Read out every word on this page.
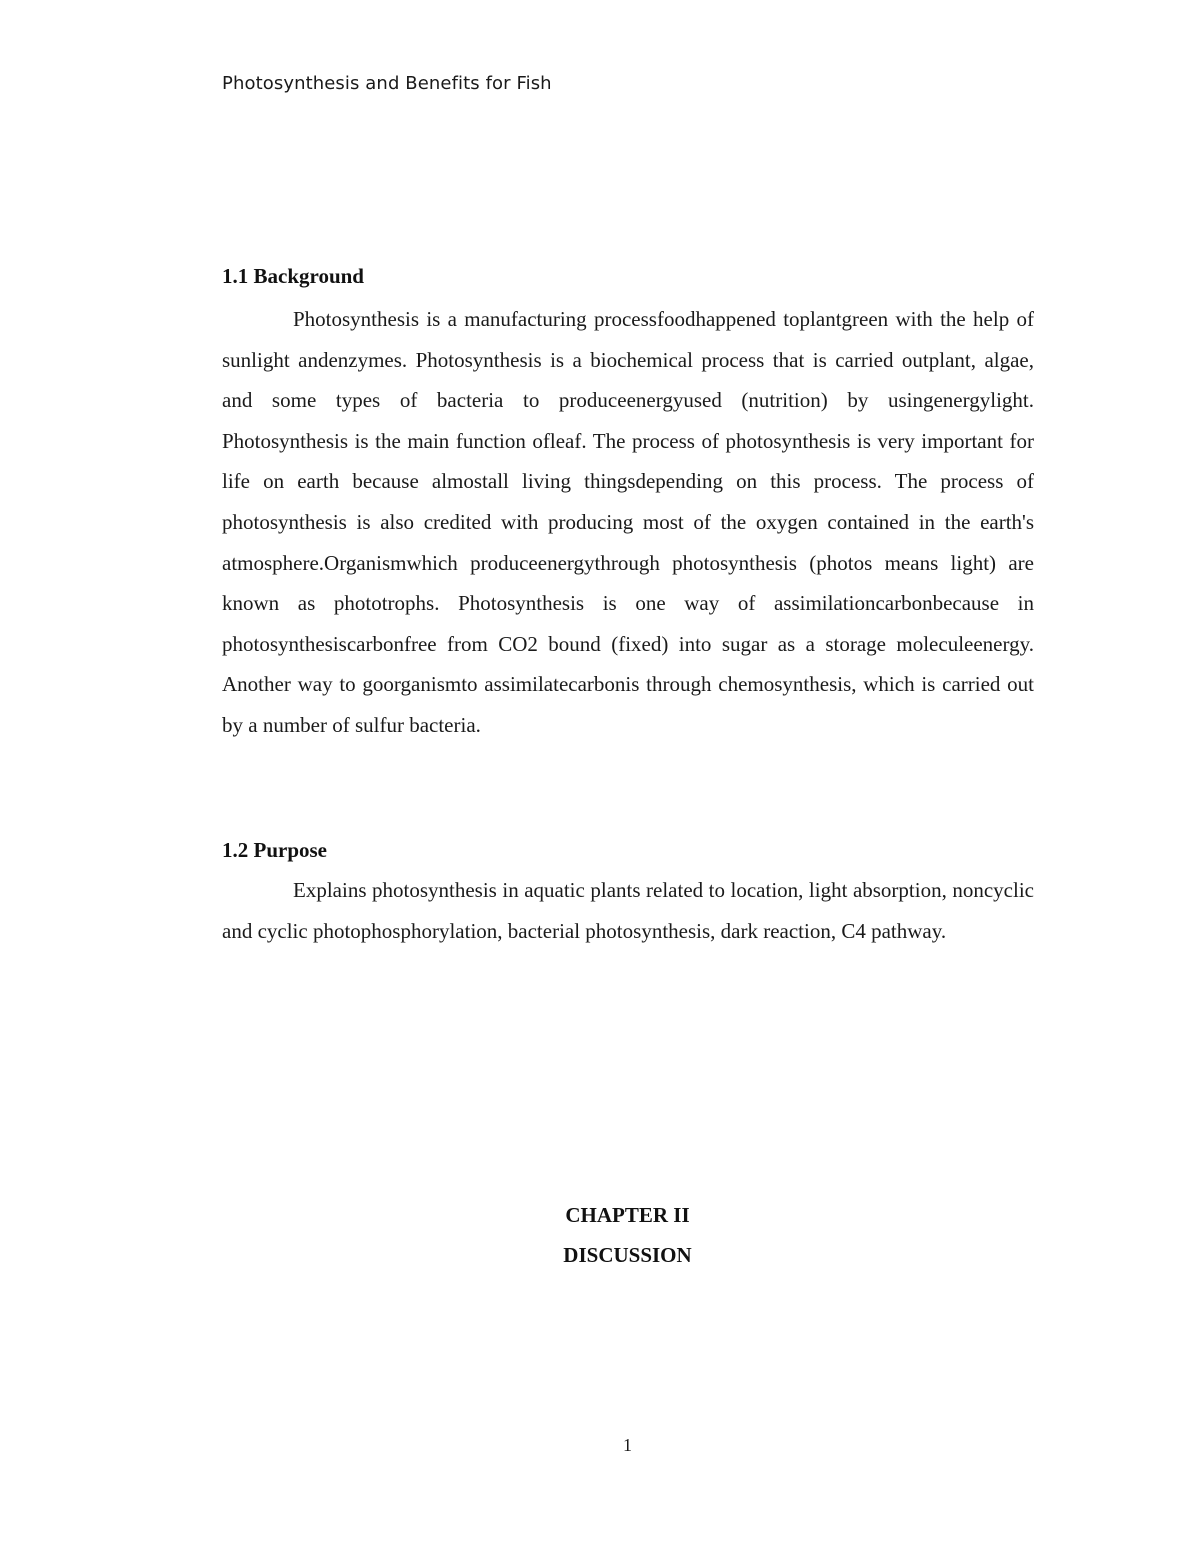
Photosynthesis and Benefits for Fish
1.1 Background

Photosynthesis is a manufacturing processfoodhappened toplantgreen with the help of sunlight andenzymes. Photosynthesis is a biochemical process that is carried outplant, algae, and some types of bacteria to produceenergyused (nutrition) by usingenergylight. Photosynthesis is the main function ofleaf. The process of photosynthesis is very important for life on earth because almostall living thingsdepending on this process. The process of photosynthesis is also credited with producing most of the oxygen contained in the earth's atmosphere.Organismwhich produceenergythrough photosynthesis (photos means light) are known as phototrophs. Photosynthesis is one way of assimilationcarbonbecause in photosynthesiscarbonfree from CO2 bound (fixed) into sugar as a storage moleculeenergy. Another way to goorganismto assimilatecarbonis through chemosynthesis, which is carried out by a number of sulfur bacteria.

1.2 Purpose

Explains photosynthesis in aquatic plants related to location, light absorption, noncyclic and cyclic photophosphorylation, bacterial photosynthesis, dark reaction, C4 pathway.

CHAPTER II
DISCUSSION
1
